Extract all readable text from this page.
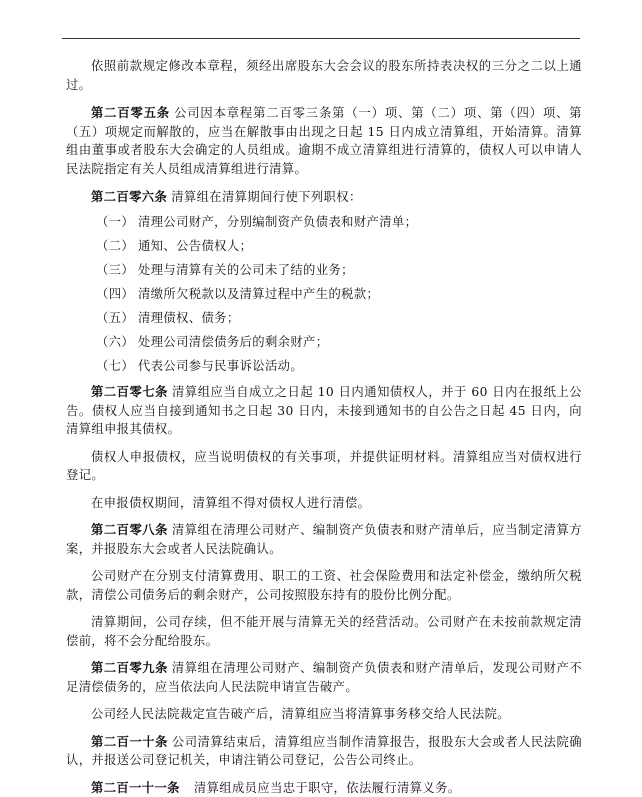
依照前款规定修改本章程，须经出席股东大会会议的股东所持表决权的三分之二以上通过。

第二百零五条 公司因本章程第二百零三条第（一）项、第（二）项、第（四）项、第（五）项规定而解散的，应当在解散事由出现之日起 15 日内成立清算组，开始清算。清算组由董事或者股东大会确定的人员组成。逾期不成立清算组进行清算的，债权人可以申请人民法院指定有关人员组成清算组进行清算。

第二百零六条 清算组在清算期间行使下列职权：

（一） 清理公司财产，分别编制资产负债表和财产清单；

（二） 通知、公告债权人；

（三） 处理与清算有关的公司未了结的业务；

（四） 清缴所欠税款以及清算过程中产生的税款；

（五） 清理债权、债务；

（六） 处理公司清偿债务后的剩余财产；

（七） 代表公司参与民事诉讼活动。

第二百零七条 清算组应当自成立之日起 10 日内通知债权人，并于 60 日内在报纸上公告。债权人应当自接到通知书之日起 30 日内，未接到通知书的自公告之日起 45 日内，向清算组申报其债权。

债权人申报债权，应当说明债权的有关事项，并提供证明材料。清算组应当对债权进行登记。

在申报债权期间，清算组不得对债权人进行清偿。

第二百零八条 清算组在清理公司财产、编制资产负债表和财产清单后，应当制定清算方案，并报股东大会或者人民法院确认。

公司财产在分别支付清算费用、职工的工资、社会保险费用和法定补偿金，缴纳所欠税款，清偿公司债务后的剩余财产，公司按照股东持有的股份比例分配。

清算期间，公司存续，但不能开展与清算无关的经营活动。公司财产在未按前款规定清偿前，将不会分配给股东。

第二百零九条 清算组在清理公司财产、编制资产负债表和财产清单后，发现公司财产不足清偿债务的，应当依法向人民法院申请宣告破产。

公司经人民法院裁定宣告破产后，清算组应当将清算事务移交给人民法院。

第二百一十条 公司清算结束后，清算组应当制作清算报告，报股东大会或者人民法院确认，并报送公司登记机关，申请注销公司登记，公告公司终止。

第二百一十一条 清算组成员应当忠于职守，依法履行清算义务。
